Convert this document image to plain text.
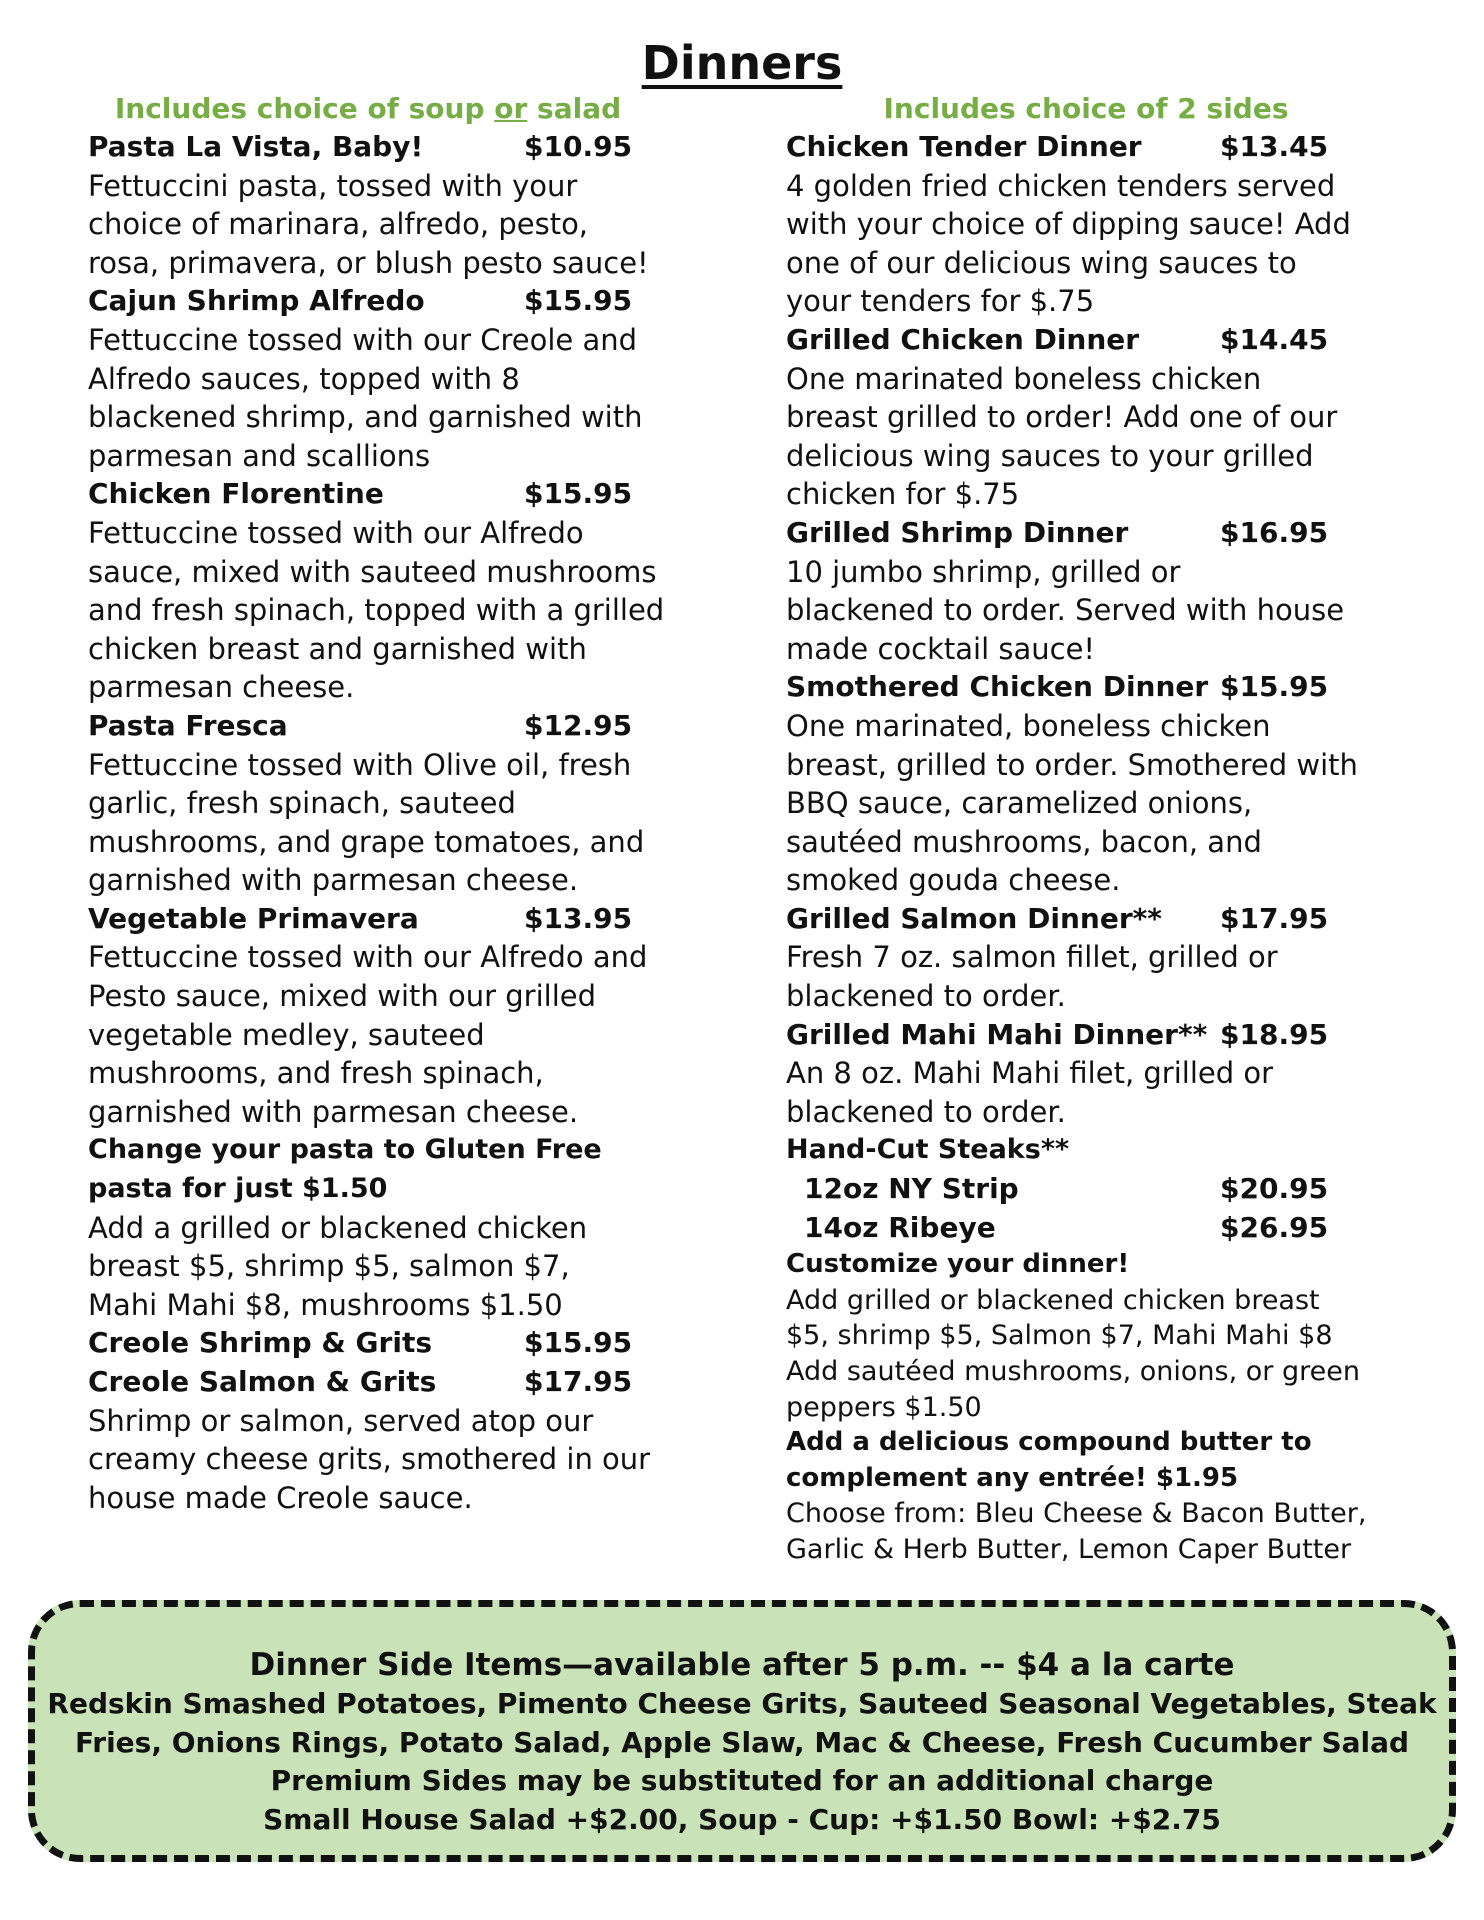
Dinners
Includes choice of soup or salad
Pasta La Vista, Baby!	$10.95
Fettuccini pasta, tossed with your
choice of marinara, alfredo, pesto,
rosa, primavera, or blush pesto sauce!
Cajun Shrimp Alfredo	$15.95
Fettuccine tossed with our Creole and
Alfredo sauces, topped with 8
blackened shrimp, and garnished with
parmesan and scallions
Chicken Florentine	$15.95
Fettuccine tossed with our Alfredo
sauce, mixed with sauteed mushrooms
and fresh spinach, topped with a grilled
chicken breast and garnished with
parmesan cheese.
Pasta Fresca	$12.95
Fettuccine tossed with Olive oil, fresh
garlic, fresh spinach, sauteed
mushrooms, and grape tomatoes, and
garnished with parmesan cheese.
Vegetable Primavera	$13.95
Fettuccine tossed with our Alfredo and
Pesto sauce, mixed with our grilled
vegetable medley, sauteed
mushrooms, and fresh spinach,
garnished with parmesan cheese.
Change your pasta to Gluten Free
pasta for just $1.50
Add a grilled or blackened chicken
breast $5, shrimp $5, salmon $7,
Mahi Mahi $8, mushrooms $1.50
Creole Shrimp & Grits	$15.95
Creole Salmon & Grits	$17.95
Shrimp or salmon, served atop our
creamy cheese grits, smothered in our
house made Creole sauce.
Includes choice of 2 sides
Chicken Tender Dinner	$13.45
4 golden fried chicken tenders served
with your choice of dipping sauce! Add
one of our delicious wing sauces to
your tenders for $.75
Grilled Chicken Dinner	$14.45
One marinated boneless chicken
breast grilled to order! Add one of our
delicious wing sauces to your grilled
chicken for $.75
Grilled Shrimp Dinner	$16.95
10 jumbo shrimp, grilled or
blackened to order. Served with house
made cocktail sauce!
Smothered Chicken Dinner $15.95
One marinated, boneless chicken
breast, grilled to order. Smothered with
BBQ sauce, caramelized onions,
sautéed mushrooms, bacon, and
smoked gouda cheese.
Grilled Salmon Dinner**	$17.95
Fresh 7 oz. salmon fillet, grilled or
blackened to order.
Grilled Mahi Mahi Dinner** $18.95
An 8 oz. Mahi Mahi filet, grilled or
blackened to order.
Hand-Cut Steaks**
12oz NY Strip	$20.95
14oz Ribeye	$26.95
Customize your dinner!
Add grilled or blackened chicken breast
$5, shrimp $5, Salmon $7, Mahi Mahi $8
Add sautéed mushrooms, onions, or green
peppers $1.50
Add a delicious compound butter to
complement any entrée! $1.95
Choose from: Bleu Cheese & Bacon Butter,
Garlic & Herb Butter, Lemon Caper Butter
Dinner Side Items—available after 5 p.m. -- $4 a la carte
Redskin Smashed Potatoes, Pimento Cheese Grits, Sauteed Seasonal Vegetables, Steak
Fries, Onions Rings, Potato Salad, Apple Slaw, Mac & Cheese, Fresh Cucumber Salad
Premium Sides may be substituted for an additional charge
Small House Salad +$2.00, Soup - Cup: +$1.50 Bowl: +$2.75
